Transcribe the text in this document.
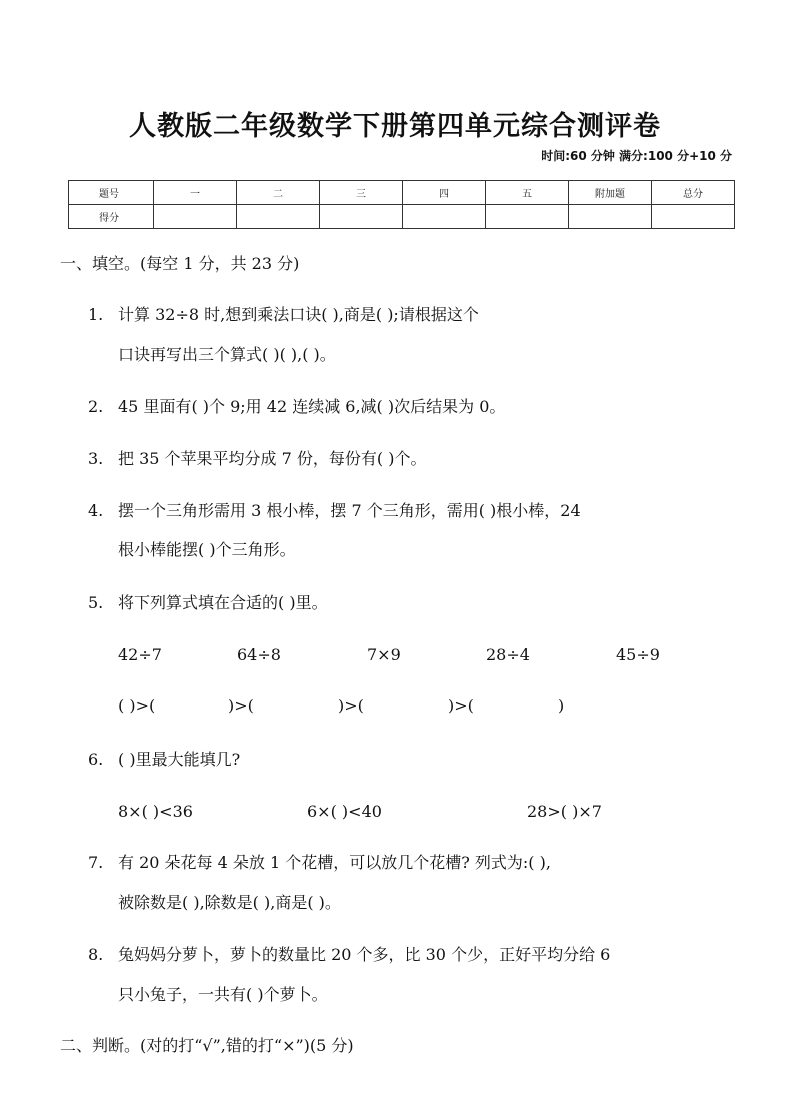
人教版二年级数学下册第四单元综合测评卷
时间:60 分钟 满分:100 分+10 分
题号	一	二	三	四	五	附加题	总分
得分							
一、填空。(每空 1 分，共 23 分)
1. 计算 32÷8 时,想到乘法口诀( ),商是( );请根据这个
口诀再写出三个算式( )( ),( )。
2. 45 里面有( )个 9;用 42 连续减 6,减( )次后结果为 0。
3. 把 35 个苹果平均分成 7 份，每份有( )个。
4. 摆一个三角形需用 3 根小棒，摆 7 个三角形，需用( )根小棒，24
根小棒能摆( )个三角形。
5. 将下列算式填在合适的( )里。
42÷7	64÷8	7×9	28÷4	45÷9
( )>(	)>(	)>(	)>(	)
6. ( )里最大能填几?
8×( )<36	6×( )<40	28>( )×7
7. 有 20 朵花每 4 朵放 1 个花槽，可以放几个花槽? 列式为:( ),
被除数是( ),除数是( ),商是( )。
8. 兔妈妈分萝卜，萝卜的数量比 20 个多，比 30 个少，正好平均分给 6
只小兔子，一共有( )个萝卜。
二、判断。(对的打“√”,错的打“×”)(5 分)
